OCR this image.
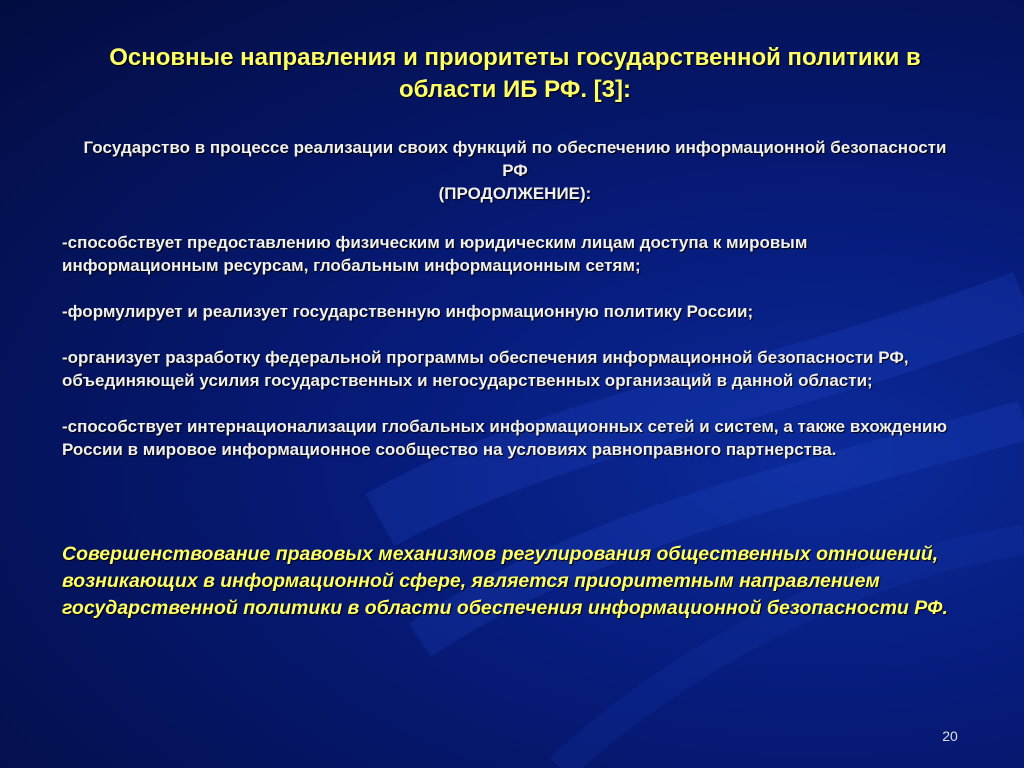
Основные направления и приоритеты государственной политики в области ИБ РФ. [3]:
Государство в процессе реализации своих функций по обеспечению информационной безопасности РФ
(ПРОДОЛЖЕНИЕ):

-способствует предоставлению физическим и юридическим лицам доступа к мировым информационным ресурсам, глобальным информационным сетям;

-формулирует и реализует государственную информационную политику России;

-организует разработку федеральной программы обеспечения информационной безопасности РФ, объединяющей усилия государственных и негосударственных организаций в данной области;

-способствует интернационализации глобальных информационных сетей и систем, а также вхождению России в мировое информационное сообщество на условиях равноправного партнерства.

Совершенствование правовых механизмов регулирования общественных отношений, возникающих в информационной сфере, является приоритетным направлением государственной политики в области обеспечения информационной безопасности РФ.
20
